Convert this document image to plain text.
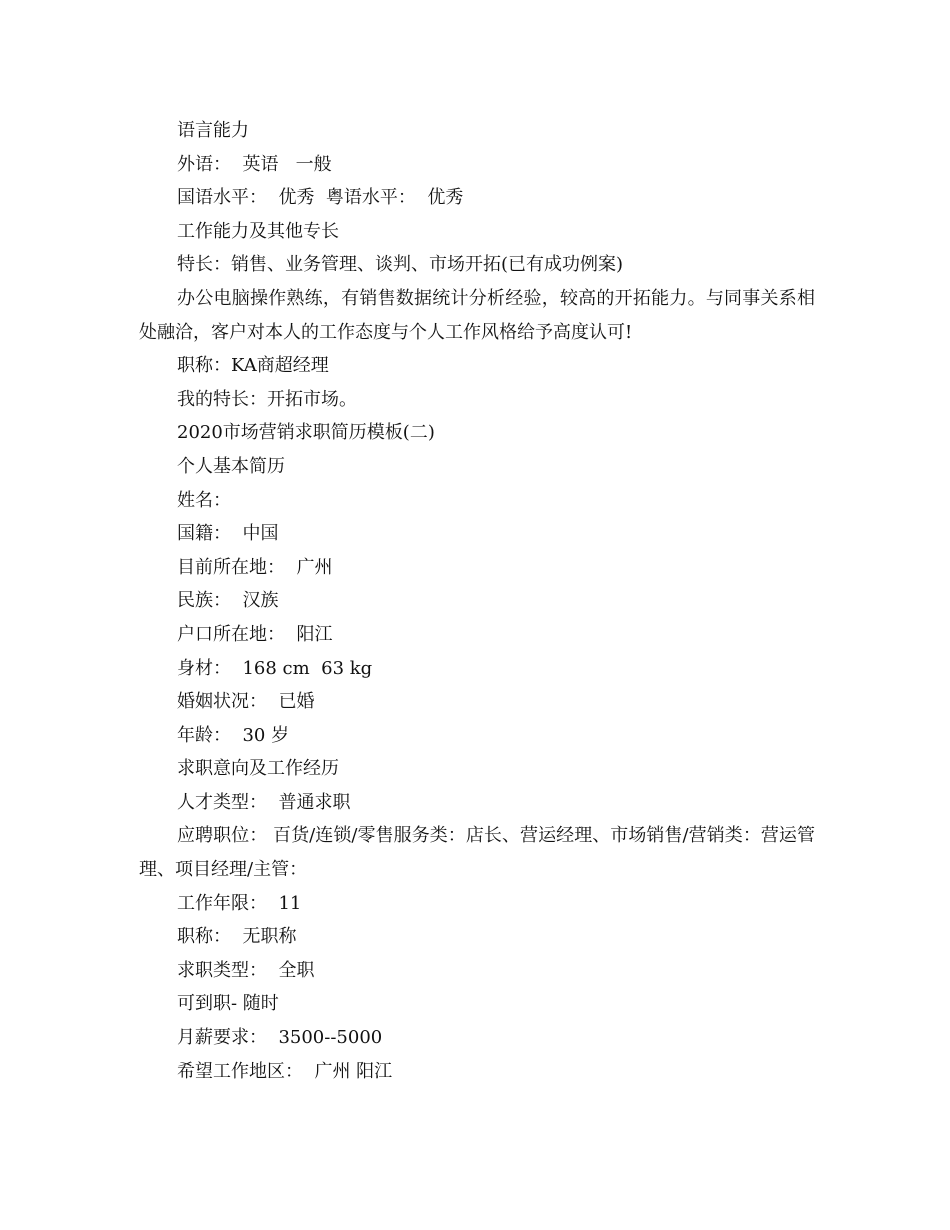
语言能力
外语：  英语   一般
国语水平：  优秀  粤语水平：  优秀
工作能力及其他专长
特长：销售、业务管理、谈判、市场开拓(已有成功例案)
办公电脑操作熟练，有销售数据统计分析经验，较高的开拓能力。与同事关系相处融洽，客户对本人的工作态度与个人工作风格给予高度认可!
职称：KA商超经理
我的特长：开拓市场。
2020市场营销求职简历模板(二)
个人基本简历
姓名：
国籍：  中国
目前所在地：  广州
民族：  汉族
户口所在地：  阳江
身材：  168 cm  63 kg
婚姻状况：  已婚
年龄：  30 岁
求职意向及工作经历
人才类型：  普通求职
应聘职位： 百货/连锁/零售服务类：店长、营运经理、市场销售/营销类：营运管理、项目经理/主管：
工作年限：  11
职称：  无职称
求职类型：  全职
可到职- 随时
月薪要求：  3500--5000
希望工作地区：  广州 阳江
